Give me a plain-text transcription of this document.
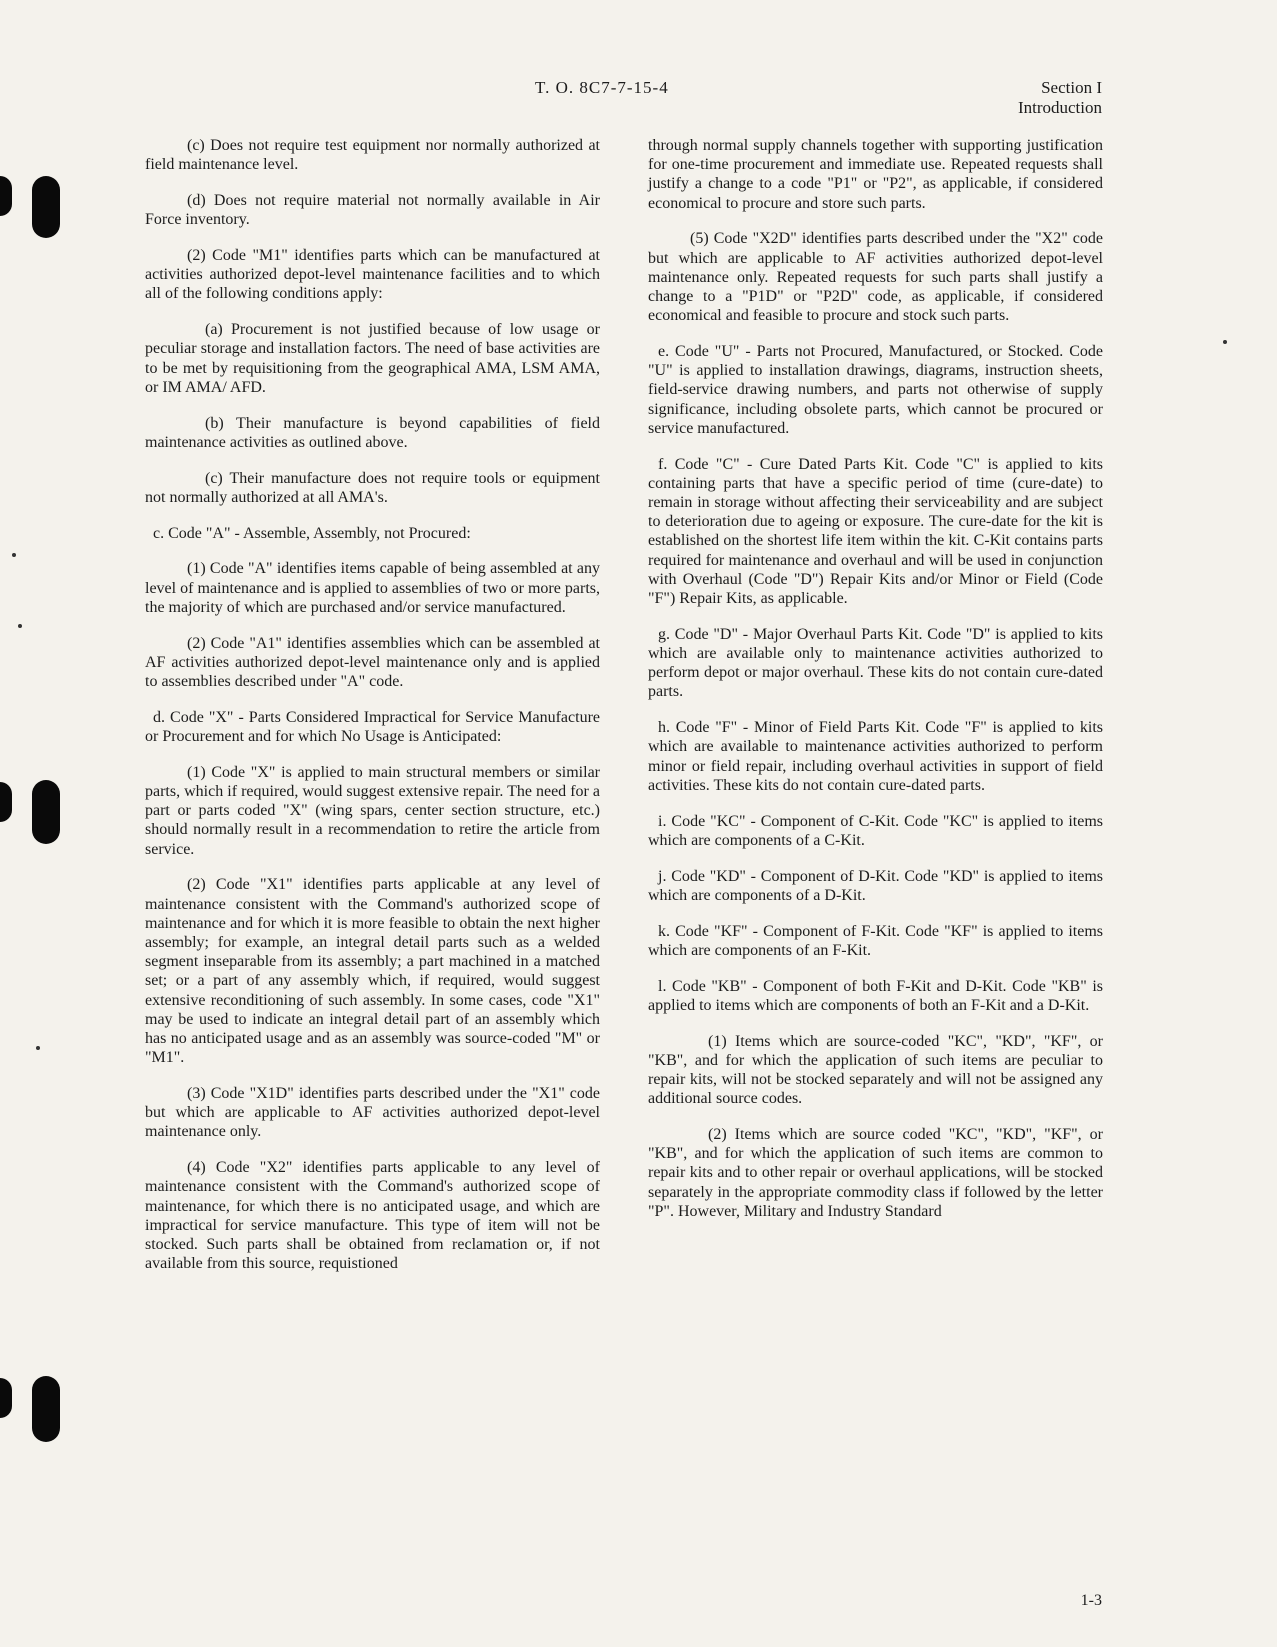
T. O. 8C7-7-15-4	Section I
Introduction

(c) Does not require test equipment nor normally authorized at field maintenance level.

(d) Does not require material not normally available in Air Force inventory.

(2) Code "M1" identifies parts which can be manufactured at activities authorized depot-level maintenance facilities and to which all of the following conditions apply:

(a) Procurement is not justified because of low usage or peculiar storage and installation factors. The need of base activities are to be met by requisitioning from the geographical AMA, LSM AMA, or IM AMA/ AFD.

(b) Their manufacture is beyond capabilities of field maintenance activities as outlined above.

(c) Their manufacture does not require tools or equipment not normally authorized at all AMA's.

c. Code "A" - Assemble, Assembly, not Procured:

(1) Code "A" identifies items capable of being assembled at any level of maintenance and is applied to assemblies of two or more parts, the majority of which are purchased and/or service manufactured.

(2) Code "A1" identifies assemblies which can be assembled at AF activities authorized depot-level maintenance only and is applied to assemblies described under "A" code.

d. Code "X" - Parts Considered Impractical for Service Manufacture or Procurement and for which No Usage is Anticipated:

(1) Code "X" is applied to main structural members or similar parts, which if required, would suggest extensive repair. The need for a part or parts coded "X" (wing spars, center section structure, etc.) should normally result in a recommendation to retire the article from service.

(2) Code "X1" identifies parts applicable at any level of maintenance consistent with the Command's authorized scope of maintenance and for which it is more feasible to obtain the next higher assembly; for example, an integral detail parts such as a welded segment inseparable from its assembly; a part machined in a matched set; or a part of any assembly which, if required, would suggest extensive reconditioning of such assembly. In some cases, code "X1" may be used to indicate an integral detail part of an assembly which has no anticipated usage and as an assembly was source-coded "M" or "M1".

(3) Code "X1D" identifies parts described under the "X1" code but which are applicable to AF activities authorized depot-level maintenance only.

(4) Code "X2" identifies parts applicable to any level of maintenance consistent with the Command's authorized scope of maintenance, for which there is no anticipated usage, and which are impractical for service manufacture. This type of item will not be stocked. Such parts shall be obtained from reclamation or, if not available from this source, requistioned

through normal supply channels together with supporting justification for one-time procurement and immediate use. Repeated requests shall justify a change to a code "P1" or "P2", as applicable, if considered economical to procure and store such parts.

(5) Code "X2D" identifies parts described under the "X2" code but which are applicable to AF activities authorized depot-level maintenance only. Repeated requests for such parts shall justify a change to a "P1D" or "P2D" code, as applicable, if considered economical and feasible to procure and stock such parts.

e. Code "U" - Parts not Procured, Manufactured, or Stocked. Code "U" is applied to installation drawings, diagrams, instruction sheets, field-service drawing numbers, and parts not otherwise of supply significance, including obsolete parts, which cannot be procured or service manufactured.

f. Code "C" - Cure Dated Parts Kit. Code "C" is applied to kits containing parts that have a specific period of time (cure-date) to remain in storage without affecting their serviceability and are subject to deterioration due to ageing or exposure. The cure-date for the kit is established on the shortest life item within the kit. C-Kit contains parts required for maintenance and overhaul and will be used in conjunction with Overhaul (Code "D") Repair Kits and/or Minor or Field (Code "F") Repair Kits, as applicable.

g. Code "D" - Major Overhaul Parts Kit. Code "D" is applied to kits which are available only to maintenance activities authorized to perform depot or major overhaul. These kits do not contain cure-dated parts.

h. Code "F" - Minor of Field Parts Kit. Code "F" is applied to kits which are available to maintenance activities authorized to perform minor or field repair, including overhaul activities in support of field activities. These kits do not contain cure-dated parts.

i. Code "KC" - Component of C-Kit. Code "KC" is applied to items which are components of a C-Kit.

j. Code "KD" - Component of D-Kit. Code "KD" is applied to items which are components of a D-Kit.

k. Code "KF" - Component of F-Kit. Code "KF" is applied to items which are components of an F-Kit.

l. Code "KB" - Component of both F-Kit and D-Kit. Code "KB" is applied to items which are components of both an F-Kit and a D-Kit.

(1) Items which are source-coded "KC", "KD", "KF", or "KB", and for which the application of such items are peculiar to repair kits, will not be stocked separately and will not be assigned any additional source codes.

(2) Items which are source coded "KC", "KD", "KF", or "KB", and for which the application of such items are common to repair kits and to other repair or overhaul applications, will be stocked separately in the appropriate commodity class if followed by the letter "P". However, Military and Industry Standard

1-3
